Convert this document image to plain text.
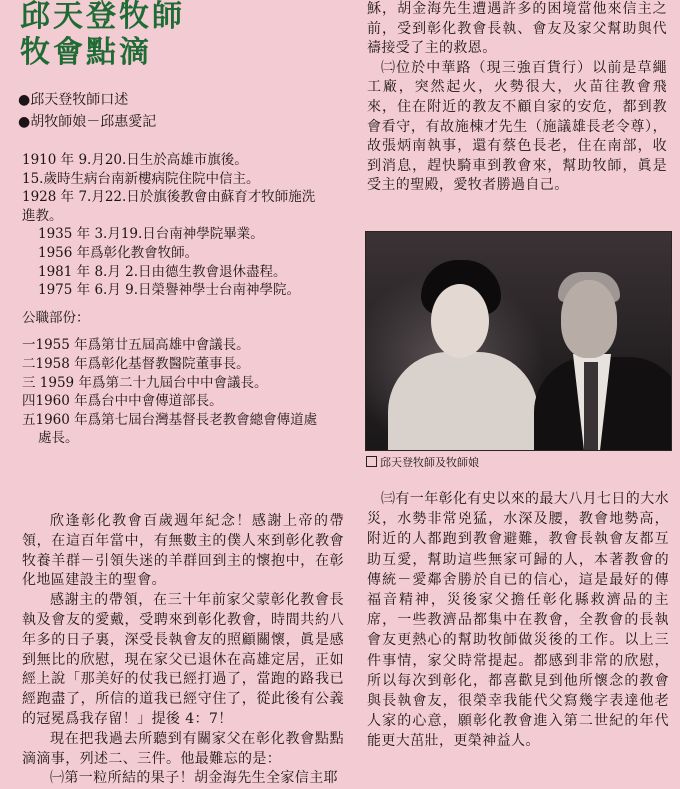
邱天登牧師
牧會點滴
●邱天登牧師口述
●胡牧師娘－邱惠愛記
1910 年 9.月20.日生於高雄市旗後。
15.歲時生病台南新樓病院住院中信主。
1928 年 7.月22.日於旗後教會由蘇育才牧師施洗
進教。
1935 年 3.月19.日台南神學院畢業。
1956 年爲彰化教會牧師。
1981 年 8.月 2.日由德生教會退休盡程。
1975 年 6.月 9.日榮譽神學士台南神學院。
公職部份：
一1955 年爲第廿五屆高雄中會議長。
二1958 年爲彰化基督教醫院董事長。
三 1959 年爲第二十九屆台中中會議長。
四1960 年爲台中中會傳道部長。
五1960 年爲第七屆台灣基督長老教會總會傳道處
處長。

欣逢彰化教會百歲週年紀念！感謝上帝的帶領，在這百年當中，有無數主的僕人來到彰化教會牧養羊群－引領失迷的羊群回到主的懷抱中，在彰化地區建設主的聖會。

感謝主的帶領，在三十年前家父蒙彰化教會長執及會友的愛戴，受聘來到彰化教會，時間共約八年多的日子裏，深受長執會友的照顧關懷，眞是感到無比的欣慰，現在家父已退休在高雄定居，正如經上說「那美好的仗我已經打過了，當跑的路我已經跑盡了，所信的道我已經守住了，從此後有公義的冠冕爲我存留！」提後 4：7！

現在把我過去所聽到有關家父在彰化教會點點滴滴事，列述二、三件。他最難忘的是：

㈠第一粒所結的果子！胡金海先生全家信主耶

穌，胡金海先生遭遇許多的困境當他來信主之前，受到彰化教會長執、會友及家父幫助與代禱接受了主的救恩。

㈡位於中華路（現三強百貨行）以前是草繩工廠，突然起火，火勢很大，火苗往教會飛來，住在附近的教友不顧自家的安危，都到教會看守，有故施棟才先生（施議雄長老令尊），故張炳南執事，還有蔡色長老，住在南部，收到消息，趕快騎車到教會來，幫助牧師，眞是受主的聖殿，愛牧者勝過自己。

邱天登牧師及牧師娘

㈢有一年彰化有史以來的最大八月七日的大水災，水勢非常兇猛，水深及腰，教會地勢高，附近的人都跑到教會避難，教會長執會友都互助互愛，幫助這些無家可歸的人，本著教會的傳統－愛鄰舍勝於自已的信心，這是最好的傳福音精神，災後家父擔任彰化縣救濟品的主席，一些教濟品都集中在教會，全教會的長執會友更熱心的幫助牧師做災後的工作。以上三件事情，家父時常提起。都感到非常的欣慰，所以每次到彰化，都喜歡見到他所懷念的教會與長執會友，很榮幸我能代父寫幾字表達他老人家的心意，願彰化教會進入第二世紀的年代能更大茁壯，更榮神益人。
